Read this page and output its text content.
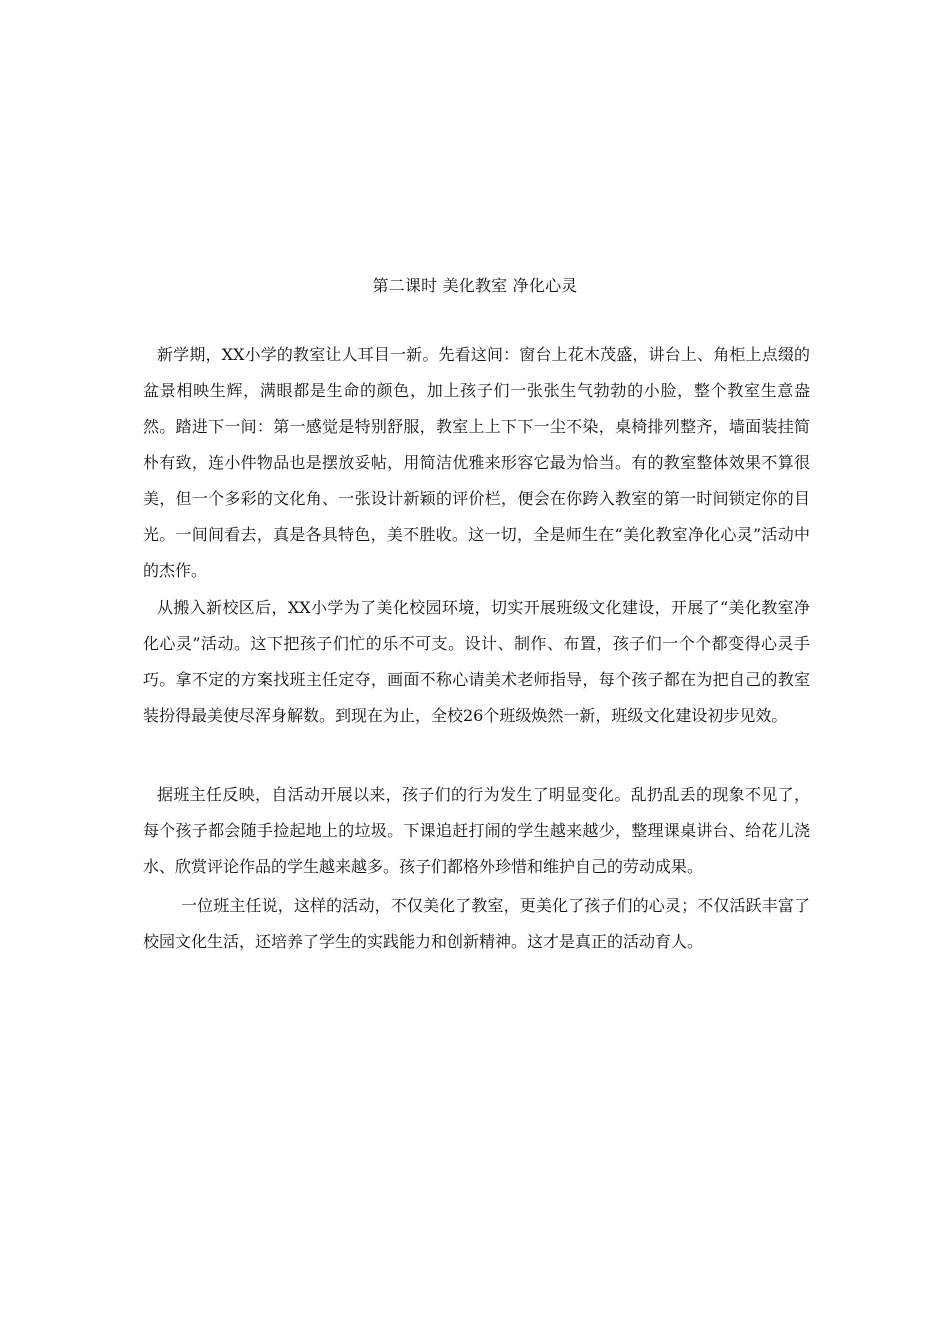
第二课时 美化教室 净化心灵

新学期，XX小学的教室让人耳目一新。先看这间：窗台上花木茂盛，讲台上、角柜上点缀的盆景相映生辉，满眼都是生命的颜色，加上孩子们一张张生气勃勃的小脸，整个教室生意盎然。踏进下一间：第一感觉是特别舒服，教室上上下下一尘不染，桌椅排列整齐，墙面装挂简朴有致，连小件物品也是摆放妥帖，用简洁优雅来形容它最为恰当。有的教室整体效果不算很美，但一个多彩的文化角、一张设计新颖的评价栏，便会在你跨入教室的第一时间锁定你的目光。一间间看去，真是各具特色，美不胜收。这一切，全是师生在“美化教室净化心灵”活动中的杰作。

从搬入新校区后，XX小学为了美化校园环境，切实开展班级文化建设，开展了“美化教室净化心灵”活动。这下把孩子们忙的乐不可支。设计、制作、布置，孩子们一个个都变得心灵手巧。拿不定的方案找班主任定夺，画面不称心请美术老师指导，每个孩子都在为把自己的教室装扮得最美使尽浑身解数。到现在为止，全校26个班级焕然一新，班级文化建设初步见效。

据班主任反映，自活动开展以来，孩子们的行为发生了明显变化。乱扔乱丢的现象不见了，每个孩子都会随手捡起地上的垃圾。下课追赶打闹的学生越来越少，整理课桌讲台、给花儿浇水、欣赏评论作品的学生越来越多。孩子们都格外珍惜和维护自己的劳动成果。

一位班主任说，这样的活动，不仅美化了教室，更美化了孩子们的心灵；不仅活跃丰富了校园文化生活，还培养了学生的实践能力和创新精神。这才是真正的活动育人。
